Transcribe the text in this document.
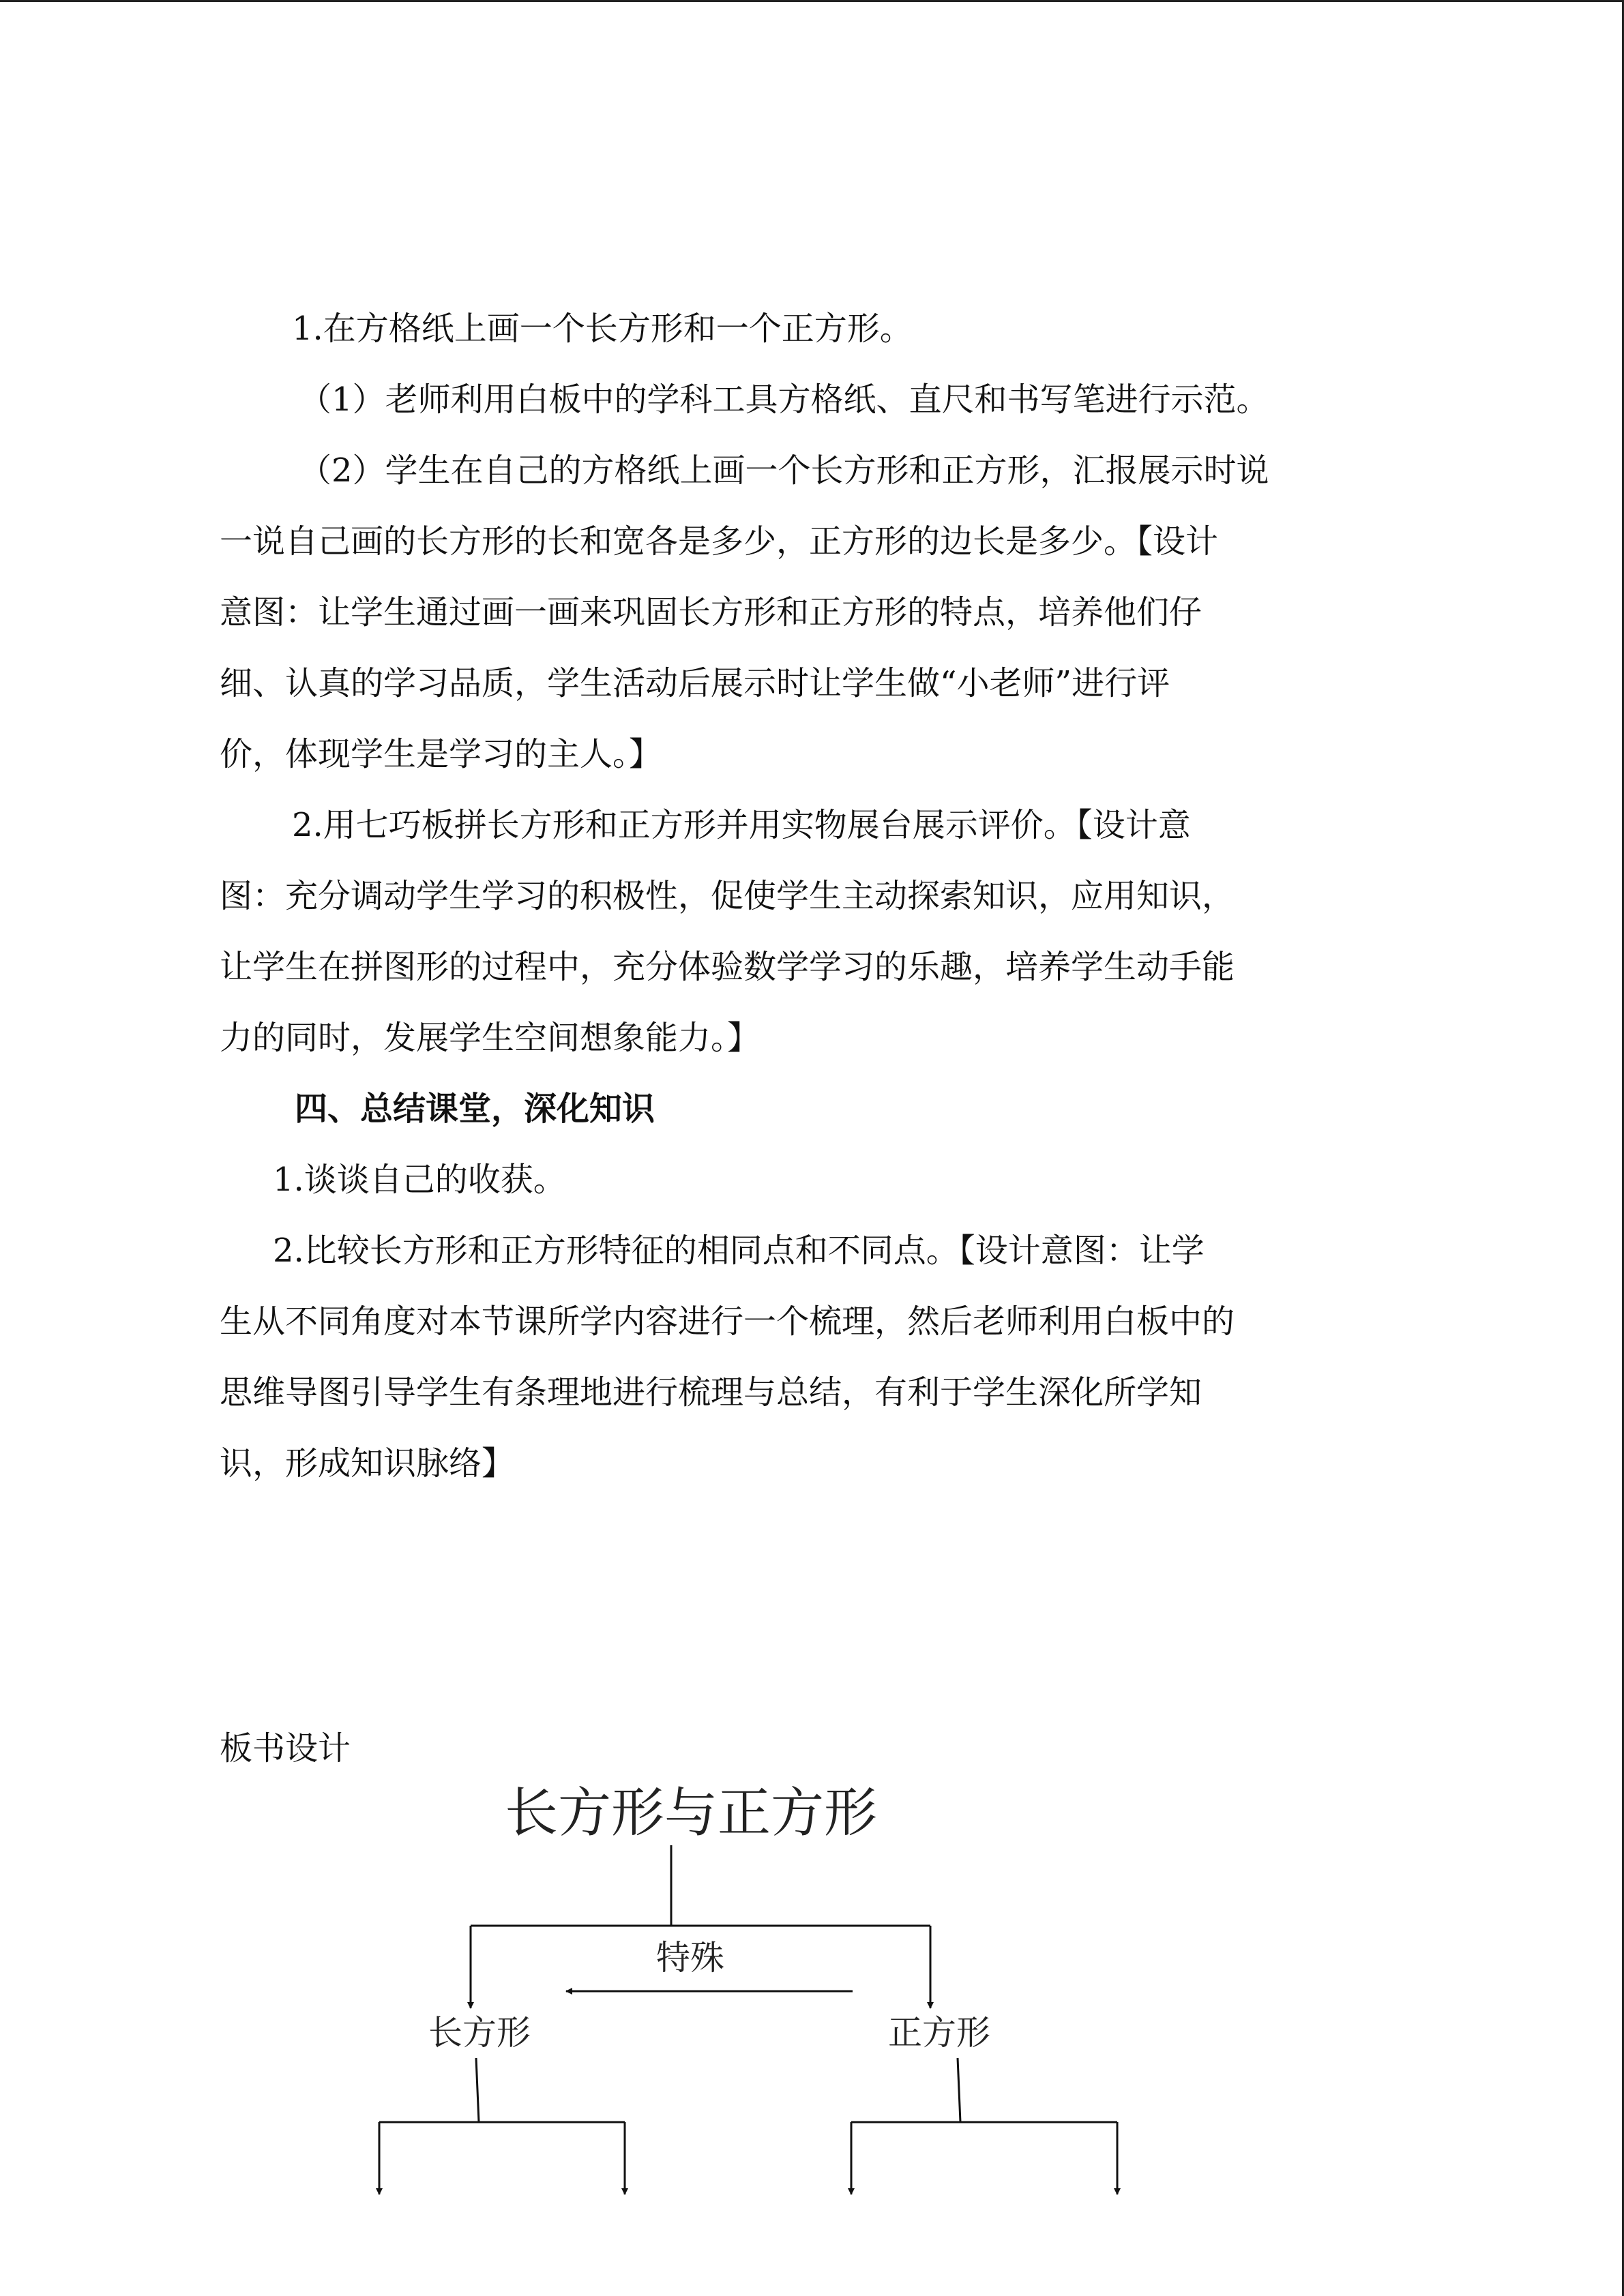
1.在方格纸上画一个长方形和一个正方形。
（1）老师利用白板中的学科工具方格纸、直尺和书写笔进行示范。
（2）学生在自己的方格纸上画一个长方形和正方形，汇报展示时说
一说自己画的长方形的长和宽各是多少，正方形的边长是多少。【设计
意图：让学生通过画一画来巩固长方形和正方形的特点，培养他们仔
细、认真的学习品质，学生活动后展示时让学生做“小老师”进行评
价，体现学生是学习的主人。】
2.用七巧板拼长方形和正方形并用实物展台展示评价。【设计意
图：充分调动学生学习的积极性，促使学生主动探索知识，应用知识，
让学生在拼图形的过程中，充分体验数学学习的乐趣，培养学生动手能
力的同时，发展学生空间想象能力。】
四、总结课堂，深化知识
1.谈谈自己的收获。
2.比较长方形和正方形特征的相同点和不同点。【设计意图：让学
生从不同角度对本节课所学内容进行一个梳理，然后老师利用白板中的
思维导图引导学生有条理地进行梳理与总结，有利于学生深化所学知
识，形成知识脉络】
板书设计
长方形与正方形
特殊
长方形	正方形
